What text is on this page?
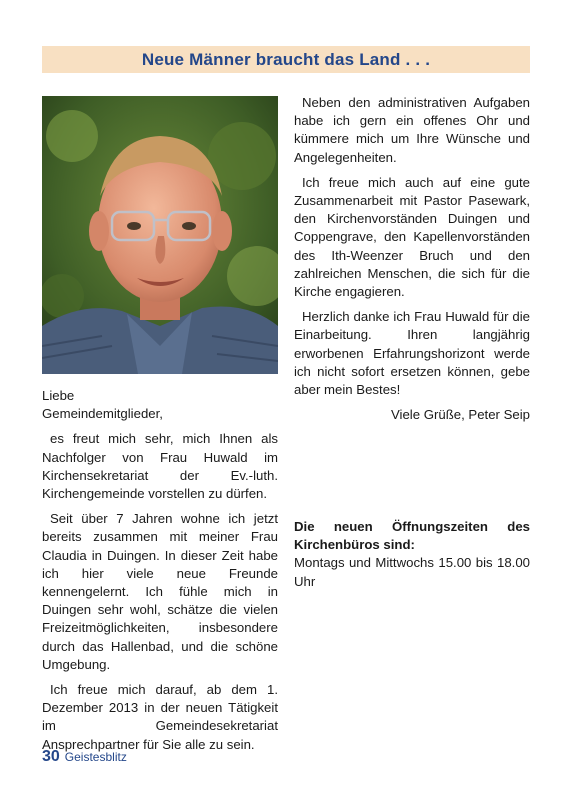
Neue Männer braucht das Land . . .

Liebe
Gemeindemitglieder,

es freut mich sehr, mich Ihnen als Nachfolger von Frau Huwald im Kirchensekretariat der Ev.-luth. Kirchengemeinde vorstellen zu dürfen.

Seit über 7 Jahren wohne ich jetzt bereits zusammen mit meiner Frau Claudia in Duingen. In dieser Zeit habe ich hier viele neue Freunde kennengelernt. Ich fühle mich in Duingen sehr wohl, schätze die vielen Freizeitmöglichkeiten, insbesondere durch das Hallenbad, und die schöne Umgebung.

Ich freue mich darauf, ab dem 1. Dezember 2013 in der neuen Tätigkeit im Gemeindesekretariat Ansprechpartner für Sie alle zu sein.

Neben den administrativen Aufgaben habe ich gern ein offenes Ohr und kümmere mich um Ihre Wünsche und Angelegenheiten.

Ich freue mich auch auf eine gute Zusammenarbeit mit Pastor Pasewark, den Kirchenvorständen Duingen und Coppengrave, den Kapellenvorständen des Ith-Weenzer Bruch und den zahlreichen Menschen, die sich für die Kirche engagieren.

Herzlich danke ich Frau Huwald für die Einarbeitung. Ihren langjährig erworbenen Erfahrungshorizont werde ich nicht sofort ersetzen können, gebe aber mein Bestes!

Viele Grüße, Peter Seip

Die neuen Öffnungszeiten des Kirchenbüros sind:
Montags und Mittwochs 15.00 bis 18.00 Uhr
30 Geistesblitz
